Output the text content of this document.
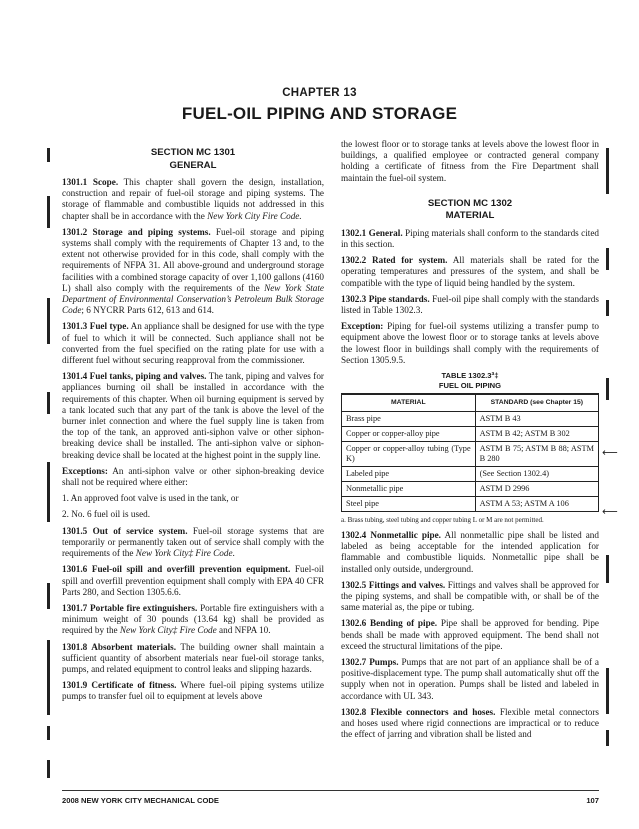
CHAPTER 13
FUEL-OIL PIPING AND STORAGE
⟵
⟵
SECTION MC 1301
GENERAL

1301.1 Scope. This chapter shall govern the design, installation, construction and repair of fuel-oil storage and piping systems. The storage of flammable and combustible liquids not addressed in this chapter shall be in accordance with the New York City Fire Code.

1301.2 Storage and piping systems. Fuel-oil storage and piping systems shall comply with the requirements of Chapter 13 and, to the extent not otherwise provided for in this code, shall comply with the requirements of NFPA 31. All above-ground and underground storage facilities with a combined storage capacity of over 1,100 gallons (4160 L) shall also comply with the requirements of the New York State Department of Environmental Conservation’s Petroleum Bulk Storage Code; 6 NYCRR Parts 612, 613 and 614.

1301.3 Fuel type. An appliance shall be designed for use with the type of fuel to which it will be connected. Such appliance shall not be converted from the fuel specified on the rating plate for use with a different fuel without securing reapproval from the commissioner.

1301.4 Fuel tanks, piping and valves. The tank, piping and valves for appliances burning oil shall be installed in accordance with the requirements of this chapter. When oil burning equipment is served by a tank located such that any part of the tank is above the level of the burner inlet connection and where the fuel supply line is taken from the top of the tank, an approved anti-siphon valve or other siphon-breaking device shall be installed. The anti-siphon valve or siphon-breaking device shall be located at the highest point in the supply line.

Exceptions: An anti-siphon valve or other siphon-breaking device shall not be required where either:

1. An approved foot valve is used in the tank, or

2. No. 6 fuel oil is used.

1301.5 Out of service system. Fuel-oil storage systems that are temporarily or permanently taken out of service shall comply with the requirements of the New York City‡ Fire Code.

1301.6 Fuel-oil spill and overfill prevention equipment. Fuel-oil spill and overfill prevention equipment shall comply with EPA 40 CFR Parts 280, and Section 1305.6.6.

1301.7 Portable fire extinguishers. Portable fire extinguishers with a minimum weight of 30 pounds (13.64 kg) shall be provided as required by the New York City‡ Fire Code and NFPA 10.

1301.8 Absorbent materials. The building owner shall maintain a sufficient quantity of absorbent materials near fuel-oil storage tanks, pumps, and related equipment to control leaks and slipping hazards.

1301.9 Certificate of fitness. Where fuel-oil piping systems utilize pumps to transfer fuel oil to equipment at levels above

the lowest floor or to storage tanks at levels above the lowest floor in buildings, a qualified employee or contracted general company holding a certificate of fitness from the Fire Department shall maintain the fuel-oil system.

SECTION MC 1302
MATERIAL

1302.1 General. Piping materials shall conform to the standards cited in this section.

1302.2 Rated for system. All materials shall be rated for the operating temperatures and pressures of the system, and shall be compatible with the type of liquid being handled by the system.

1302.3 Pipe standards. Fuel-oil pipe shall comply with the standards listed in Table 1302.3.

Exception: Piping for fuel-oil systems utilizing a transfer pump to equipment above the lowest floor or to storage tanks at levels above the lowest floor in buildings shall comply with the requirements of Section 1305.9.5.

TABLE 1302.3ª‡
FUEL OIL PIPING
MATERIAL	STANDARD (see Chapter 15)
Brass pipe	ASTM B 43
Copper or copper-alloy pipe	ASTM B 42; ASTM B 302
Copper or copper-alloy tubing (Type K)	ASTM B 75; ASTM B 88; ASTM B 280
Labeled pipe	(See Section 1302.4)
Nonmetallic pipe	ASTM D 2996
Steel pipe	ASTM A 53; ASTM A 106

a. Brass tubing, steel tubing and copper tubing L or M are not permitted.

1302.4 Nonmetallic pipe. All nonmetallic pipe shall be listed and labeled as being acceptable for the intended application for flammable and combustible liquids. Nonmetallic pipe shall be installed only outside, underground.

1302.5 Fittings and valves. Fittings and valves shall be approved for the piping systems, and shall be compatible with, or shall be of the same material as, the pipe or tubing.

1302.6 Bending of pipe. Pipe shall be approved for bending. Pipe bends shall be made with approved equipment. The bend shall not exceed the structural limitations of the pipe.

1302.7 Pumps. Pumps that are not part of an appliance shall be of a positive-displacement type. The pump shall automatically shut off the supply when not in operation. Pumps shall be listed and labeled in accordance with UL 343.

1302.8 Flexible connectors and hoses. Flexible metal connectors and hoses used where rigid connections are impractical or to reduce the effect of jarring and vibration shall be listed and

2008 NEW YORK CITY MECHANICAL CODE	107
